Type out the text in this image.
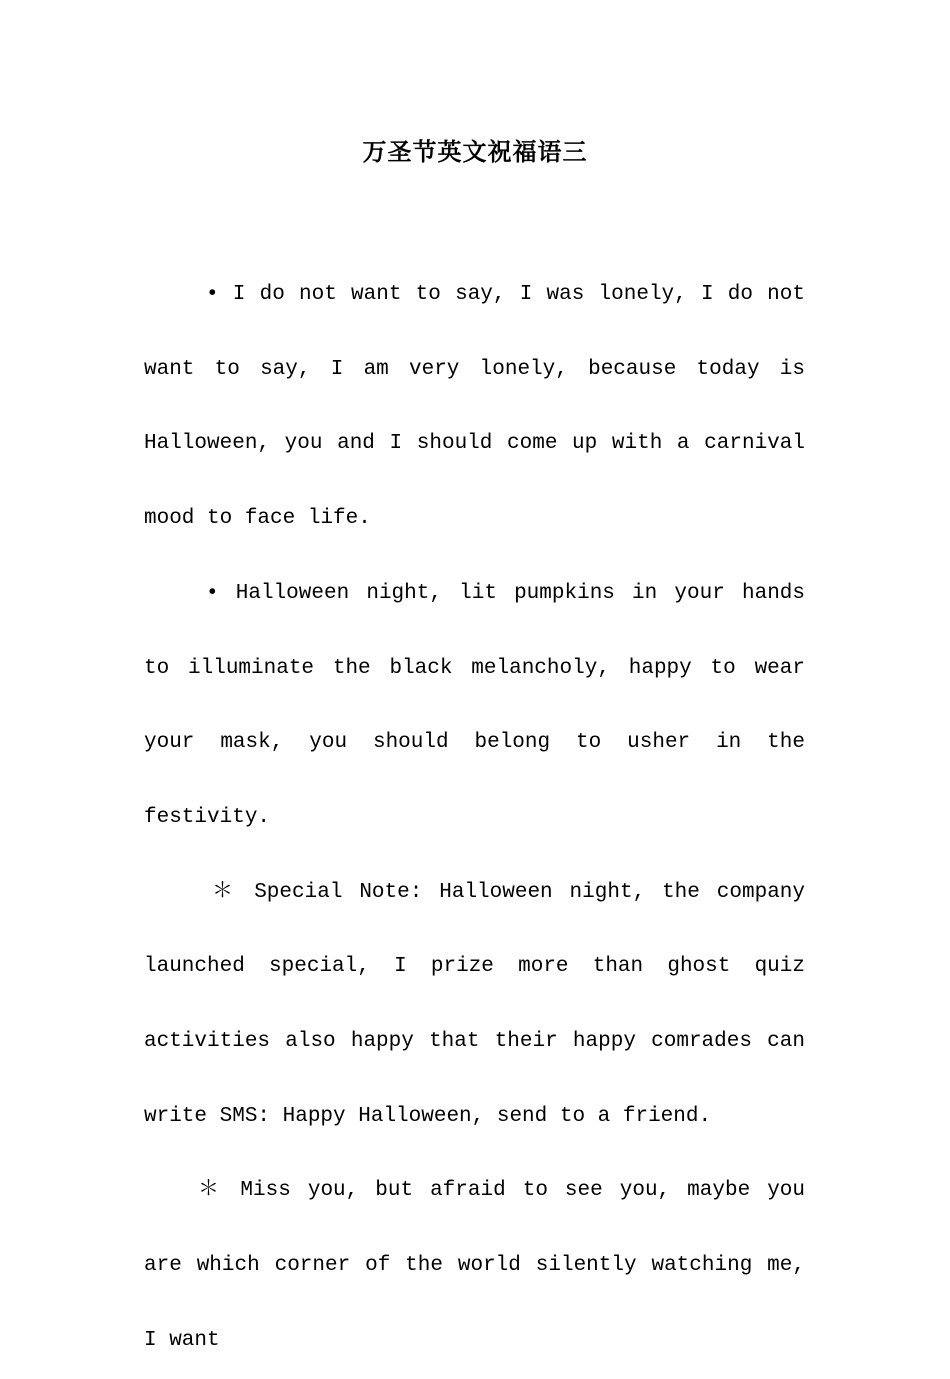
万圣节英文祝福语三

• I do not want to say, I was lonely, I do not want to say, I am very lonely, because today is Halloween, you and I should come up with a carnival mood to face life.

• Halloween night, lit pumpkins in your hands to illuminate the black melancholy, happy to wear your mask, you should belong to usher in the festivity.

＊ Special Note: Halloween night, the company launched special, I prize more than ghost quiz activities also happy that their happy comrades can write SMS: Happy Halloween, send to a friend.

＊ Miss you, but afraid to see you, maybe you are which corner of the world silently watching me, I want
